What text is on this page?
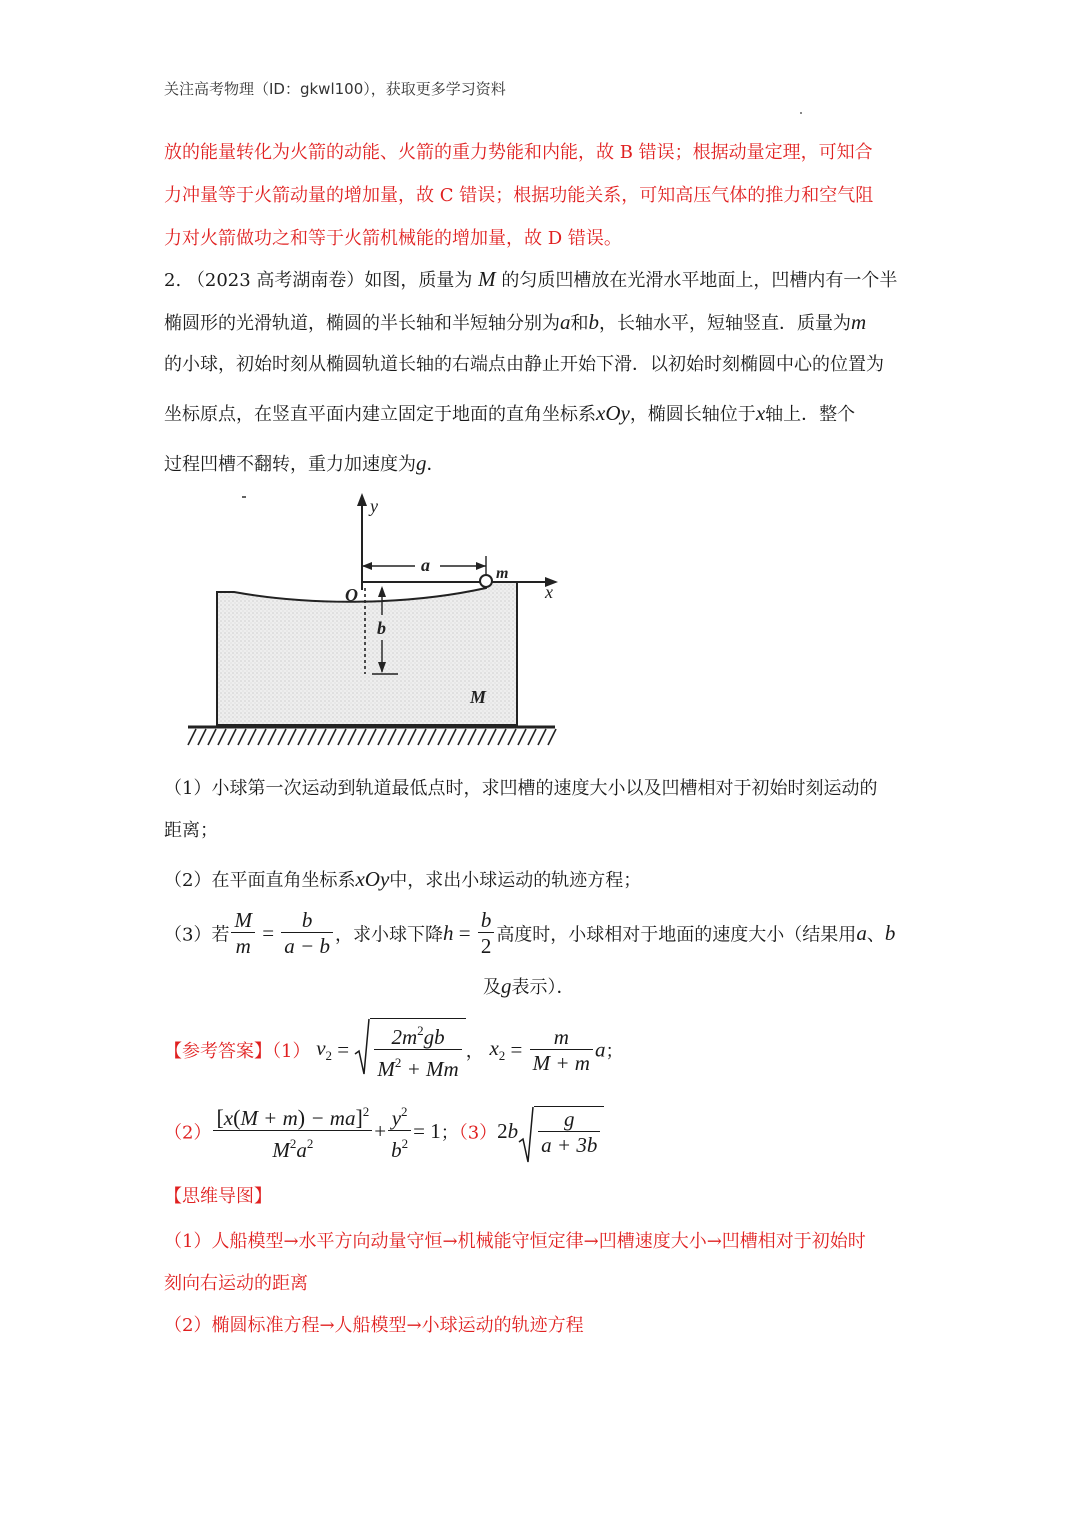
关注高考物理（ID：gkwl100），获取更多学习资料
放的能量转化为火箭的动能、火箭的重力势能和内能，故 B 错误；根据动量定理，可知合
力冲量等于火箭动量的增加量，故 C 错误；根据功能关系，可知高压气体的推力和空气阻
力对火箭做功之和等于火箭机械能的增加量，故 D 错误。
2. （2023 高考湖南卷）如图，质量为 M 的匀质凹槽放在光滑水平地面上，凹槽内有一个半
椭圆形的光滑轨道，椭圆的半长轴和半短轴分别为a和b，长轴水平，短轴竖直．质量为m
的小球，初始时刻从椭圆轨道长轴的右端点由静止开始下滑．以初始时刻椭圆中心的位置为
坐标原点，在竖直平面内建立固定于地面的直角坐标系xOy，椭圆长轴位于x轴上．整个
过程凹槽不翻转，重力加速度为g．
y
x
O
a
b
m
M
（1）小球第一次运动到轨道最低点时，求凹槽的速度大小以及凹槽相对于初始时刻运动的
距离；
（2）在平面直角坐标系xOy中，求出小球运动的轨迹方程；
（3）若 $\frac{M}{m} = \frac{b}{a - b}$ ，求小球下降$h = \frac{b}{2}$ 高度时，小球相对于地面的速度大小（结果用a、b
及g表示）．
【参考答案】（1） $v_2 = \frac{2m^2gb}{M^2 + Mm}$ ， $x_2 = \frac{m}{M + m}$ a；
$(2) \frac{[x(M + m) - ma]^2}{M^2a^2} + \frac{y^2}{b^2} = 1$；$(3)2b \frac{g}{a + 3b}$
【思维导图】
（1）人船模型→水平方向动量守恒→机械能守恒定律→凹槽速度大小→凹槽相对于初始时
刻向右运动的距离
（2）椭圆标准方程→人船模型→小球运动的轨迹方程
